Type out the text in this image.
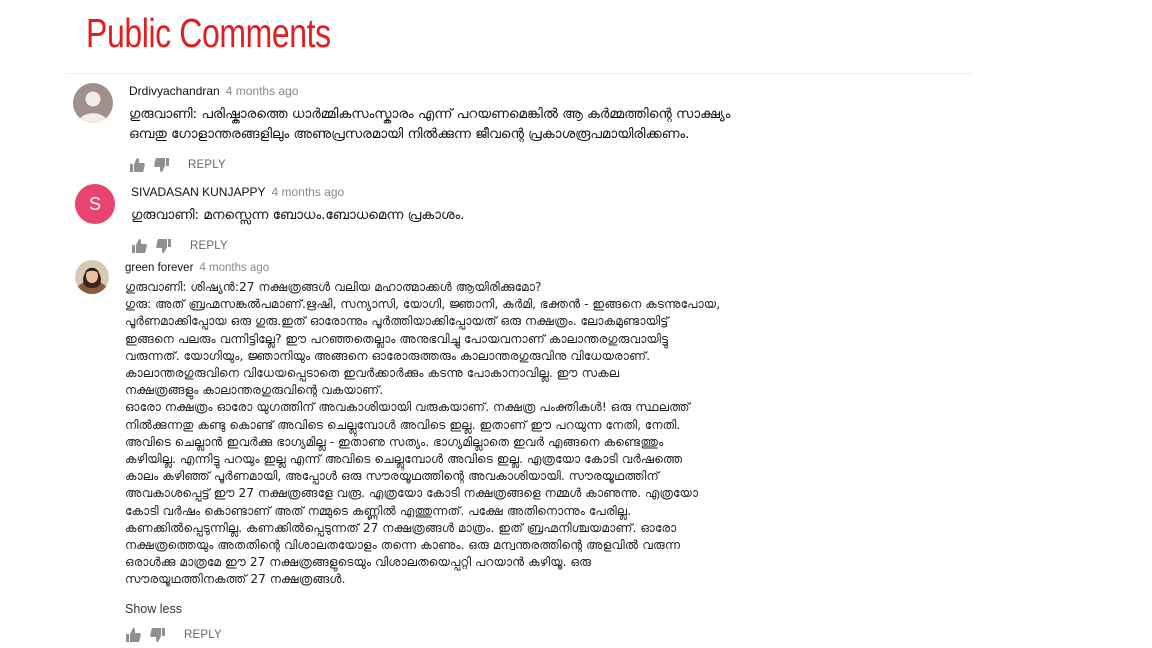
Public Comments
Drdivyachandran 4 months ago
ഗുരുവാണി: പരിഷ്കാരത്തെ ധാർമ്മികസംസ്കാരം എന്ന് പറയണമെങ്കിൽ ആ കർമ്മത്തിന്റെ സാക്ഷ്യം
ഒമ്പതു ഗോളാന്തരങ്ങളിലും അണുപ്രസരമായി നിൽക്കുന്ന ജീവന്റെ പ്രകാശരൂപമായിരിക്കണം.
REPLY
S
SIVADASAN KUNJAPPY 4 months ago
ഗുരുവാണി: മനസ്സെന്ന ബോധം.ബോധമെന്ന പ്രകാശം.
REPLY
green forever 4 months ago
ഗുരുവാണി: ശിഷ്യൻ:27 നക്ഷത്രങ്ങൾ വലിയ മഹാത്മാക്കൾ ആയിരിക്കുമോ?
ഗുരു: അത് ബ്രഹ്മസങ്കൽപമാണ്.ഋഷി, സന്യാസി, യോഗി, ജ്ഞാനി, കർമി, ഭക്തൻ - ഇങ്ങനെ കടന്നുപോയ,
പൂർണമാക്കിപ്പോയ ഒരു ഗുരു.ഇത് ഓരോന്നും പൂർത്തിയാക്കിപ്പോയത് ഒരു നക്ഷത്രം. ലോകമുണ്ടായിട്ട്
ഇങ്ങനെ പലരും വന്നിട്ടില്ലേ? ഈ പറഞ്ഞതെല്ലാം അനുഭവിച്ചു പോയവനാണ് കാലാന്തരഗുരുവായിട്ടു
വരുന്നത്. യോഗിയും, ജ്ഞാനിയും അങ്ങനെ ഓരോരുത്തരും കാലാന്തരഗുരുവിനു വിധേയരാണ്.
കാലാന്തരഗുരുവിനെ വിധേയപ്പെടാതെ ഇവർക്കാർക്കും കടന്നു പോകാനാവില്ല. ഈ സകല
നക്ഷത്രങ്ങളും കാലാന്തരഗുരുവിന്റെ വകയാണ്.
ഓരോ നക്ഷത്രം ഓരോ യുഗത്തിന് അവകാശിയായി വരുകയാണ്. നക്ഷത്ര പംക്തികൾ! ഒരു സ്ഥലത്ത്
നിൽക്കുന്നതു കണ്ടു കൊണ്ട് അവിടെ ചെല്ലുമ്പോൾ അവിടെ ഇല്ല. ഇതാണ് ഈ പറയുന്ന നേതി, നേതി.
അവിടെ ചെല്ലാൻ ഇവർക്കു ഭാഗ്യമില്ല - ഇതാണു സത്യം. ഭാഗ്യമില്ലാതെ ഇവർ എങ്ങനെ കണ്ടെത്തും
കഴിയില്ല. എന്നിട്ടു പറയും ഇല്ല എന്ന് അവിടെ ചെല്ലുമ്പോൾ അവിടെ ഇല്ല. എത്രയോ കോടി വർഷത്തെ
കാലം കഴിഞ്ഞ് പൂർണമായി, അപ്പോൾ ഒരു സൗരയൂഥത്തിന്റെ അവകാശിയായി. സൗരയൂഥത്തിന്
അവകാശപ്പെട്ട് ഈ 27 നക്ഷത്രങ്ങളേ വരൂ. എത്രയോ കോടി നക്ഷത്രങ്ങളെ നമ്മൾ കാണുന്നു. എത്രയോ
കോടി വർഷം കൊണ്ടാണ് അത് നമ്മുടെ കണ്ണിൽ എത്തുന്നത്. പക്ഷേ അതിനൊന്നും പേരില്ല.
കണക്കിൽപ്പെടുന്നില്ല. കണക്കിൽപ്പെടുന്നത് 27 നക്ഷത്രങ്ങൾ മാത്രം. ഇത് ബ്രഹ്മനിശ്ചയമാണ്. ഓരോ
നക്ഷത്രത്തെയും അതതിന്റെ വിശാലതയോളം തന്നെ കാണും. ഒരു മന്വന്തരത്തിന്റെ അളവിൽ വരുന്ന
ഒരാൾക്കു മാത്രമേ ഈ 27 നക്ഷത്രങ്ങളുടെയും വിശാലതയെപ്പറ്റി പറയാൻ കഴിയൂ. ഒരു
സൗരയൂഥത്തിനകത്ത് 27 നക്ഷത്രങ്ങൾ.
Show less
REPLY
